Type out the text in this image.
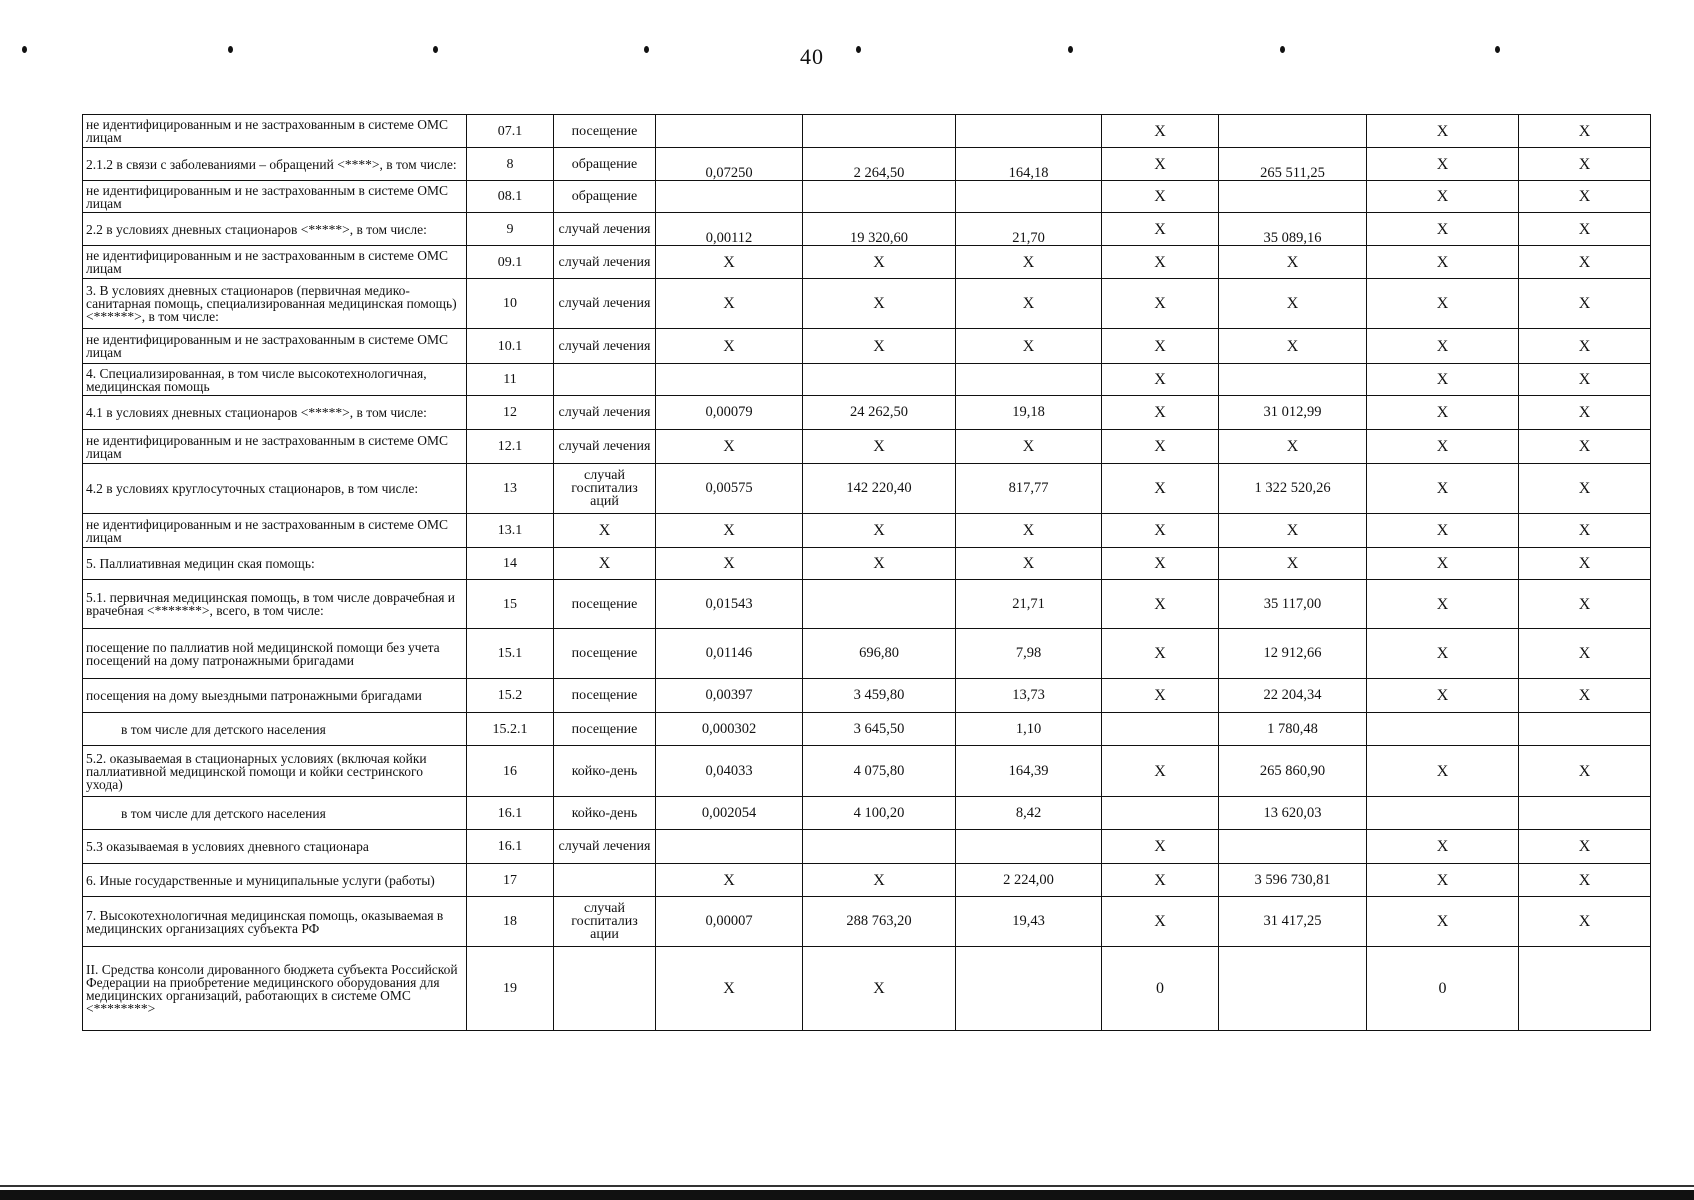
40
не идентифицированным и не застрахованным в системе ОМС лицам	07.1	посещение				X		X	X
2.1.2 в связи с заболеваниями – обращений <****>, в том числе:	8	обращение	0,07250	2 264,50	164,18	X	265 511,25	X	X
не идентифицированным и не застрахованным в системе ОМС лицам	08.1	обращение				X		X	X
2.2 в условиях дневных стационаров <*****>, в том числе:	9	случай лечения	0,00112	19 320,60	21,70	X	35 089,16	X	X
не идентифицированным и не застрахованным в системе ОМС лицам	09.1	случай лечения	X	X	X	X	X	X	X
3. В условиях дневных стационаров (первичная медико-санитарная помощь, специализированная медицинская помощь) <******>, в том числе:	10	случай лечения	X	X	X	X	X	X	X
не идентифицированным и не застрахованным в системе ОМС лицам	10.1	случай лечения	X	X	X	X	X	X	X
4. Специализированная, в том числе высокотехнологичная, медицинская помощь	11					X		X	X
4.1 в условиях дневных стационаров <*****>, в том числе:	12	случай лечения	0,00079	24 262,50	19,18	X	31 012,99	X	X
не идентифицированным и не застрахованным в системе ОМС лицам	12.1	случай лечения	X	X	X	X	X	X	X
4.2 в условиях круглосуточных стационаров, в том числе:	13	случай госпитализ аций	0,00575	142 220,40	817,77	X	1 322 520,26	X	X
не идентифицированным и не застрахованным в системе ОМС лицам	13.1	X	X	X	X	X	X	X	X
5. Паллиативная медицин ская помощь:	14	X	X	X	X	X	X	X	X
5.1. первичная медицинская помощь, в том числе доврачебная и врачебная <*******>, всего, в том числе:	15	посещение	0,01543		21,71	X	35 117,00	X	X
посещение по паллиатив ной медицинской помощи без учета посещений на дому патронажными бригадами	15.1	посещение	0,01146	696,80	7,98	X	12 912,66	X	X
посещения на дому выездными патронажными бригадами	15.2	посещение	0,00397	3 459,80	13,73	X	22 204,34	X	X
в том числе для детского населения	15.2.1	посещение	0,000302	3 645,50	1,10		1 780,48		
5.2. оказываемая в стационарных условиях (включая койки паллиативной медицинской помощи и койки сестринского ухода)	16	койко-день	0,04033	4 075,80	164,39	X	265 860,90	X	X
в том числе для детского населения	16.1	койко-день	0,002054	4 100,20	8,42		13 620,03		
5.3 оказываемая в условиях дневного стационара	16.1	случай лечения				X		X	X
6. Иные государственные и муниципальные услуги (работы)	17		X	X	2 224,00	X	3 596 730,81	X	X
7. Высокотехнологичная медицинская помощь, оказываемая в медицинских организациях субъекта РФ	18	случай госпитализ ации	0,00007	288 763,20	19,43	X	31 417,25	X	X
II. Средства консоли дированного бюджета субъекта Российской Федерации на приобретение медицинского оборудования для медицинских организаций, работающих в системе ОМС <********>	19		X	X		0		0	
